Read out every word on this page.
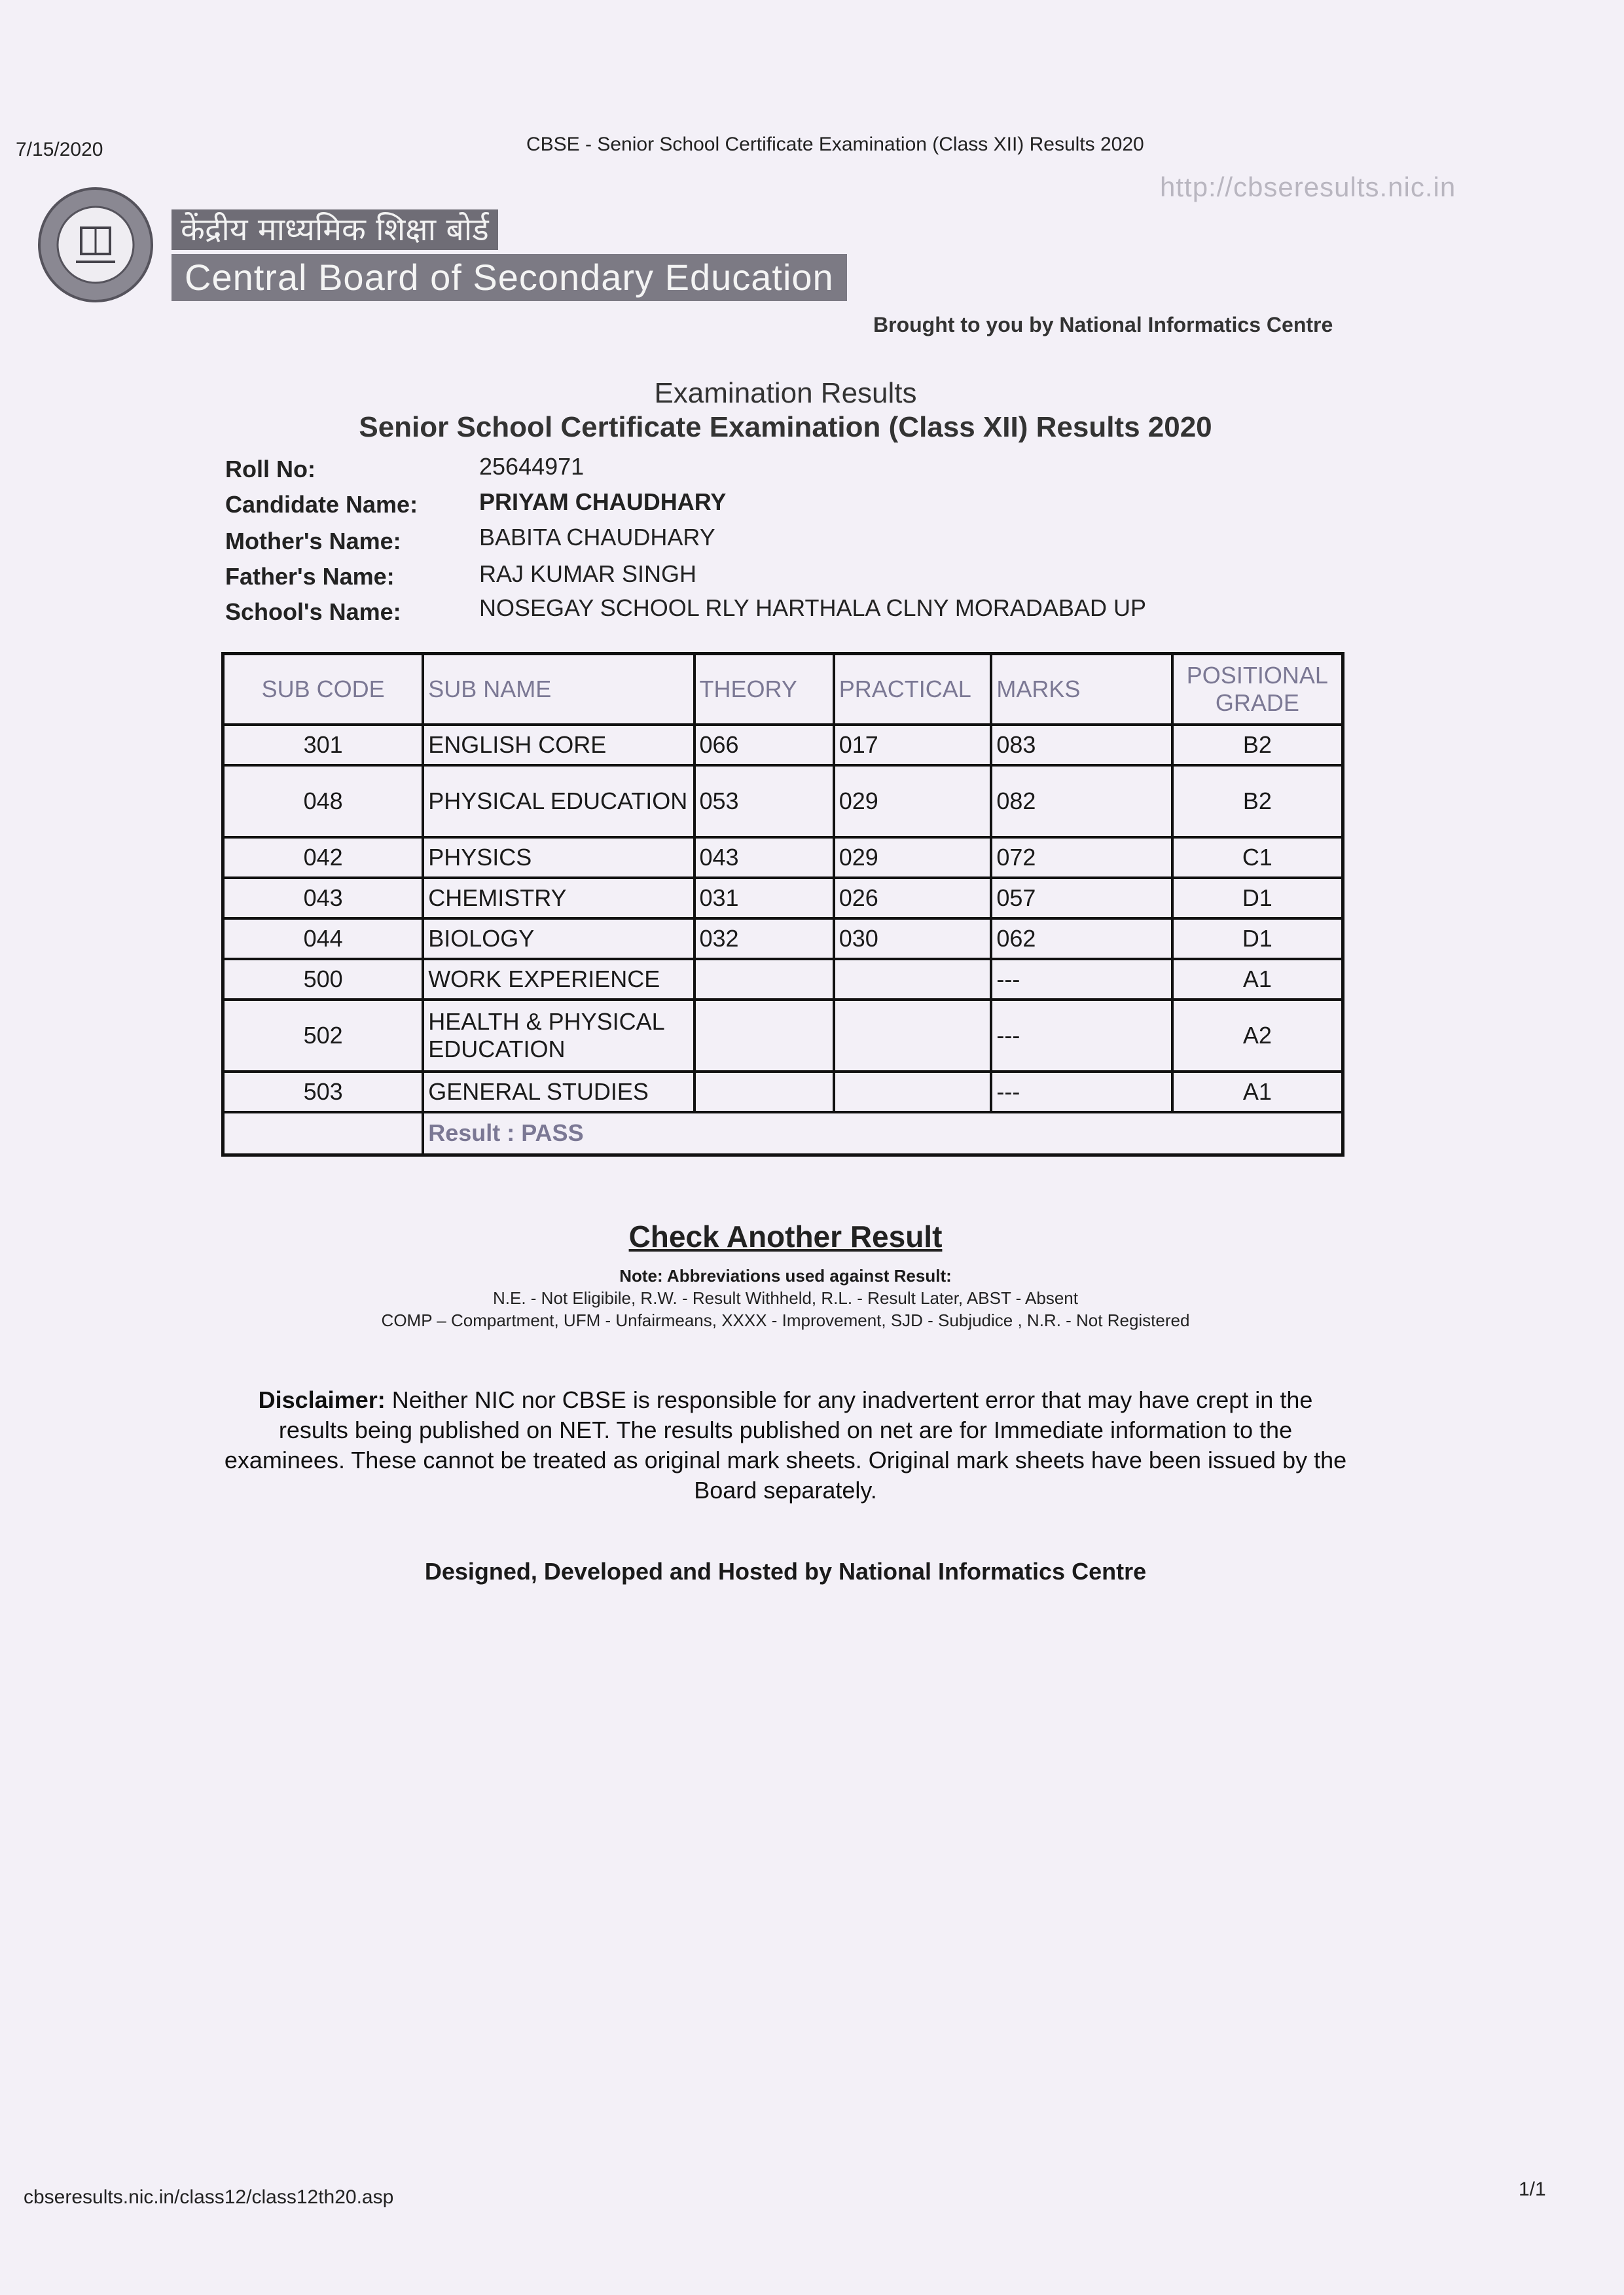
7/15/2020	CBSE - Senior School Certificate Examination (Class XII) Results 2020
http://cbseresults.nic.in
केंद्रीय माध्यमिक शिक्षा बोर्ड
Central Board of Secondary Education
Brought to you by National Informatics Centre
Examination Results
Senior School Certificate Examination (Class XII) Results 2020
Roll No:	25644971
Candidate Name:	PRIYAM CHAUDHARY
Mother's Name:	BABITA CHAUDHARY
Father's Name:	RAJ KUMAR SINGH
School's Name:	NOSEGAY SCHOOL RLY HARTHALA CLNY MORADABAD UP
SUB CODE	SUB NAME	THEORY	PRACTICAL	MARKS	POSITIONAL GRADE
301	ENGLISH CORE	066	017	083	B2
048	PHYSICAL EDUCATION	053	029	082	B2
042	PHYSICS	043	029	072	C1
043	CHEMISTRY	031	026	057	D1
044	BIOLOGY	032	030	062	D1
500	WORK EXPERIENCE			---	A1
502	HEALTH & PHYSICAL EDUCATION			---	A2
503	GENERAL STUDIES			---	A1
	Result : PASS				
Check Another Result
Note: Abbreviations used against Result:
N.E. - Not Eligibile, R.W. - Result Withheld, R.L. - Result Later, ABST - Absent
COMP – Compartment, UFM - Unfairmeans, XXXX - Improvement, SJD - Subjudice , N.R. - Not Registered
Disclaimer: Neither NIC nor CBSE is responsible for any inadvertent error that may have crept in the results being published on NET. The results published on net are for Immediate information to the examinees. These cannot be treated as original mark sheets. Original mark sheets have been issued by the Board separately.
Designed, Developed and Hosted by National Informatics Centre
cbseresults.nic.in/class12/class12th20.asp	1/1
